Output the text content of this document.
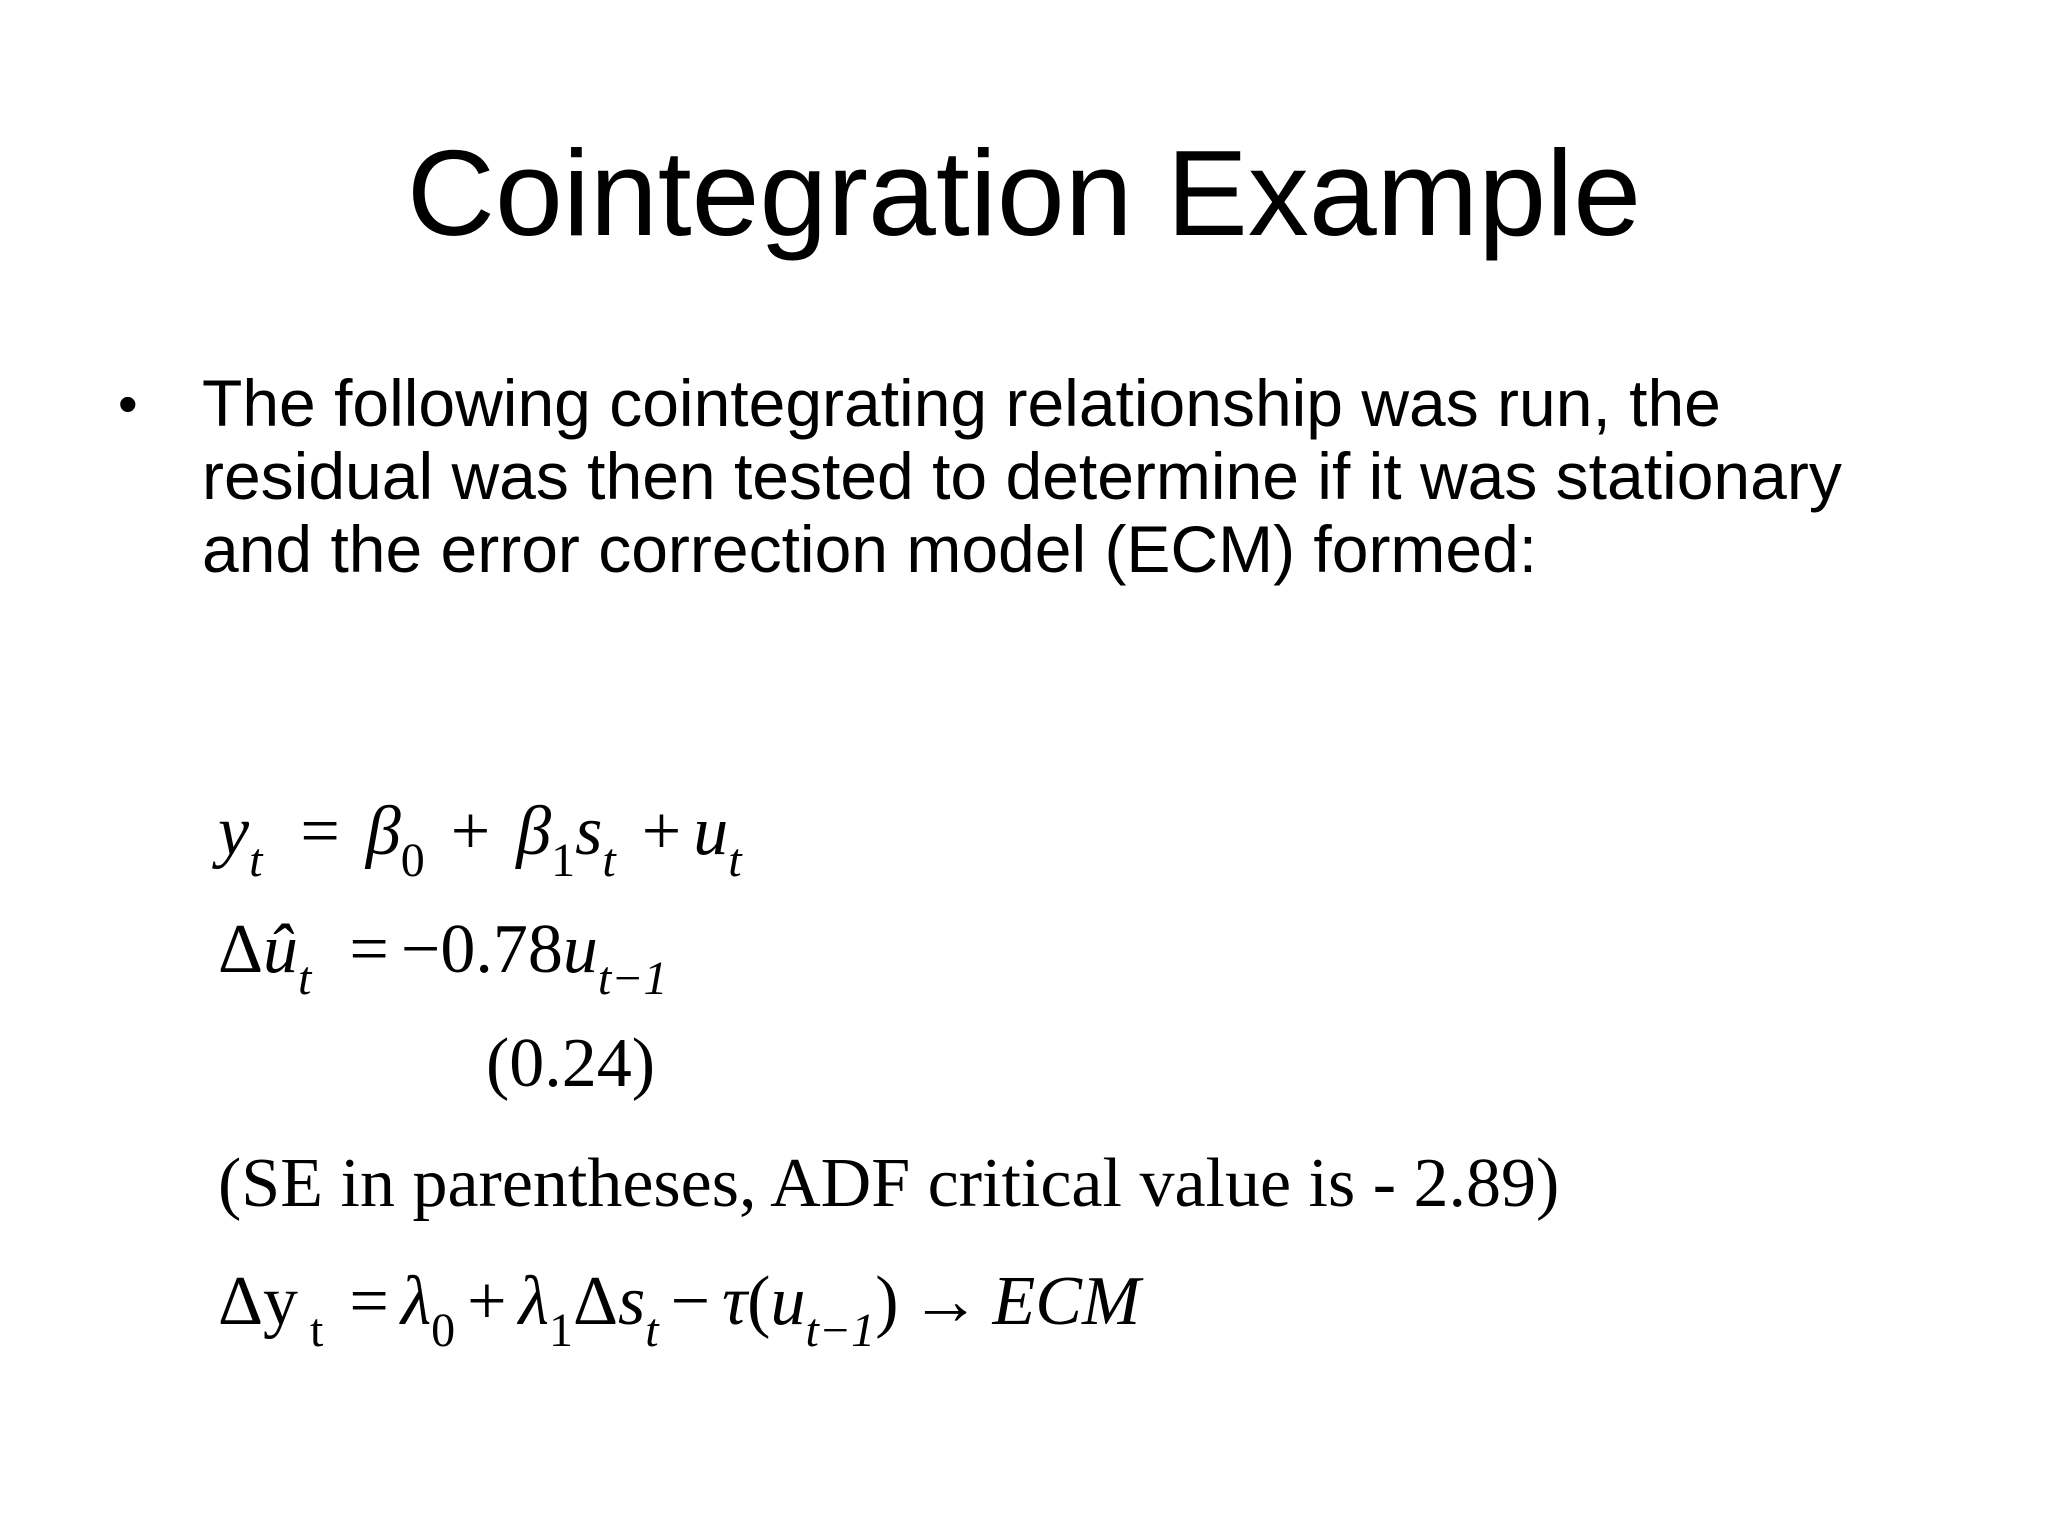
Cointegration Example
• The following cointegrating relationship was run, the residual was then tested to determine if it was stationary and the error correction model (ECM) formed:
$y_t = \beta_0 + \beta_1s_t + u_t$
$\Delta û_t = -0.78u_{t-1}$
(0.24)
(SE in parentheses, ADF critical value is - 2.89)
Δy $_t = \lambda_0 + \lambda_1\Delta s_t - \tau(u_{t-1})$ → ECM
